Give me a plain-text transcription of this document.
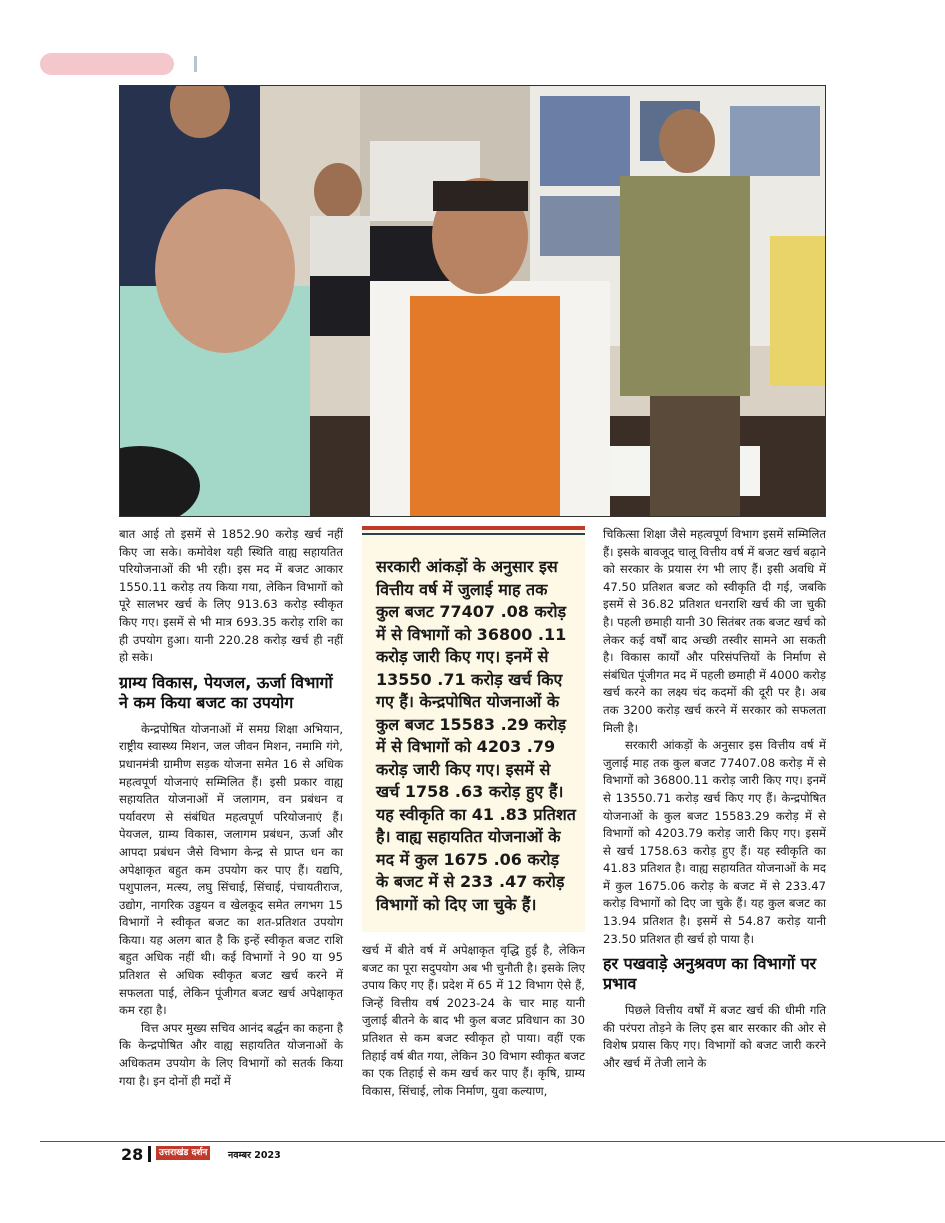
बात आई तो इसमें से 1852.90 करोड़ खर्च नहीं किए जा सके। कमोवेश यही स्थिति वाह्य सहायतित परियोजनाओं की भी रही। इस मद में बजट आकार 1550.11 करोड़ तय किया गया, लेकिन विभागों को पूरे सालभर खर्च के लिए 913.63 करोड़ स्वीकृत किए गए। इसमें से भी मात्र 693.35 करोड़ राशि का ही उपयोग हुआ। यानी 220.28 करोड़ खर्च ही नहीं हो सके।

ग्राम्य विकास, पेयजल, ऊर्जा विभागों ने कम किया बजट का उपयोग

केन्द्रपोषित योजनाओं में समग्र शिक्षा अभियान, राष्ट्रीय स्वास्थ्य मिशन, जल जीवन मिशन, नमामि गंगे, प्रधानमंत्री ग्रामीण सड़क योजना समेत 16 से अधिक महत्वपूर्ण योजनाएं सम्मिलित हैं। इसी प्रकार वाह्य सहायतित योजनाओं में जलागम, वन प्रबंधन व पर्यावरण से संबंधित महत्वपूर्ण परियोजनाएं हैं। पेयजल, ग्राम्य विकास, जलागम प्रबंधन, ऊर्जा और आपदा प्रबंधन जैसे विभाग केन्द्र से प्राप्त धन का अपेक्षाकृत बहुत कम उपयोग कर पाए हैं। यद्यपि, पशुपालन, मत्स्य, लघु सिंचाई, सिंचाई, पंचायतीराज, उद्योग, नागरिक उड्डयन व खेलकूद समेत लगभग 15 विभागों ने स्वीकृत बजट का शत-प्रतिशत उपयोग किया। यह अलग बात है कि इन्हें स्वीकृत बजट राशि बहुत अधिक नहीं थी। कई विभागों ने 90 या 95 प्रतिशत से अधिक स्वीकृत बजट खर्च करने में सफलता पाई, लेकिन पूंजीगत बजट खर्च अपेक्षाकृत कम रहा है।

वित्त अपर मुख्य सचिव आनंद बर्द्धन का कहना है कि केन्द्रपोषित और वाह्य सहायतित योजनाओं के अधिकतम उपयोग के लिए विभागों को सतर्क किया गया है। इन दोनों ही मदों में

सरकारी आंकड़ों के अनुसार इस वित्तीय वर्ष में जुलाई माह तक कुल बजट 77407 .08 करोड़ में से विभागों को 36800 .11 करोड़ जारी किए गए। इनमें से 13550 .71 करोड़ खर्च किए गए हैं। केन्द्रपोषित योजनाओं के कुल बजट 15583 .29 करोड़ में से विभागों को 4203 .79 करोड़ जारी किए गए। इसमें से खर्च 1758 .63 करोड़ हुए हैं। यह स्वीकृति का 41 .83 प्रतिशत है। वाह्य सहायतित योजनाओं के मद में कुल 1675 .06 करोड़ के बजट में से 233 .47 करोड़ विभागों को दिए जा चुके हैं।

खर्च में बीते वर्ष में अपेक्षाकृत वृद्धि हुई है, लेकिन बजट का पूरा सदुपयोग अब भी चुनौती है। इसके लिए उपाय किए गए हैं। प्रदेश में 65 में 12 विभाग ऐसे हैं, जिन्हें वित्तीय वर्ष 2023-24 के चार माह यानी जुलाई बीतने के बाद भी कुल बजट प्रविधान का 30 प्रतिशत से कम बजट स्वीकृत हो पाया। वहीं एक तिहाई वर्ष बीत गया, लेकिन 30 विभाग स्वीकृत बजट का एक तिहाई से कम खर्च कर पाए हैं। कृषि, ग्राम्य विकास, सिंचाई, लोक निर्माण, युवा कल्याण,

चिकित्सा शिक्षा जैसे महत्वपूर्ण विभाग इसमें सम्मिलित हैं। इसके बावजूद चालू वित्तीय वर्ष में बजट खर्च बढ़ाने को सरकार के प्रयास रंग भी लाए हैं। इसी अवधि में 47.50 प्रतिशत बजट को स्वीकृति दी गई, जबकि इसमें से 36.82 प्रतिशत धनराशि खर्च की जा चुकी है। पहली छमाही यानी 30 सितंबर तक बजट खर्च को लेकर कई वर्षों बाद अच्छी तस्वीर सामने आ सकती है। विकास कार्यों और परिसंपत्तियों के निर्माण से संबंधित पूंजीगत मद में पहली छमाही में 4000 करोड़ खर्च करने का लक्ष्य चंद कदमों की दूरी पर है। अब तक 3200 करोड़ खर्च करने में सरकार को सफलता मिली है।

सरकारी आंकड़ों के अनुसार इस वित्तीय वर्ष में जुलाई माह तक कुल बजट 77407.08 करोड़ में से विभागों को 36800.11 करोड़ जारी किए गए। इनमें से 13550.71 करोड़ खर्च किए गए हैं। केन्द्रपोषित योजनाओं के कुल बजट 15583.29 करोड़ में से विभागों को 4203.79 करोड़ जारी किए गए। इसमें से खर्च 1758.63 करोड़ हुए हैं। यह स्वीकृति का 41.83 प्रतिशत है। वाह्य सहायतित योजनाओं के मद में कुल 1675.06 करोड़ के बजट में से 233.47 करोड़ विभागों को दिए जा चुके हैं। यह कुल बजट का 13.94 प्रतिशत है। इसमें से 54.87 करोड़ यानी 23.50 प्रतिशत ही खर्च हो पाया है।

हर पखवाड़े अनुश्रवण का विभागों पर प्रभाव

पिछले वित्तीय वर्षों में बजट खर्च की धीमी गति की परंपरा तोड़ने के लिए इस बार सरकार की ओर से विशेष प्रयास किए गए। विभागों को बजट जारी करने और खर्च में तेजी लाने के

28	उत्तराखंड दर्शन	नवम्बर 2023
